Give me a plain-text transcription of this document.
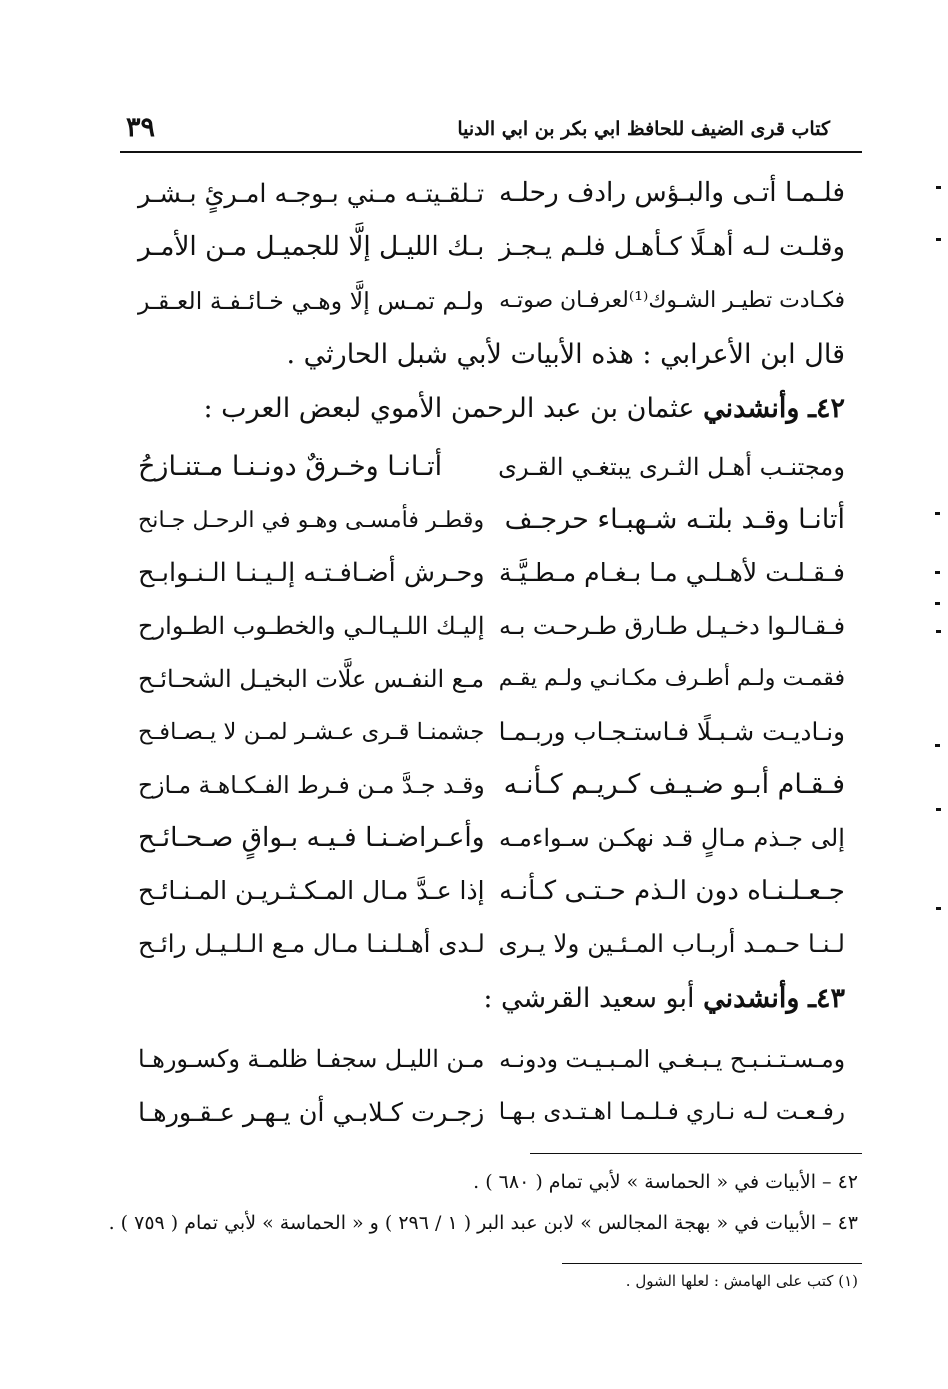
كتاب قرى الضيف للحافظ ابي بكر بن ابي الدنيا
٣٩
فلـمـا أتـى والبـؤس رادف رحلـه
تـلقـيتـه مـني بـوجـه امـرئٍ بـشـر
وقلـت لـه أهـلًا كـأهـل فلـم يـجـز
بـك الليـل إلَّا للجميـل مـن الأمـر
فكـادت تطيـر الشـوك⁽¹⁾لعرفـان صوتـه
ولـم تمـس إلَّا وهـي خـائـفـة العـقـر
قال ابن الأعرابي : هذه الأبيات لأبي شبل الحارثي .
٤٢ـ وأنشدني عثمان بن عبد الرحمن الأموي لبعض العرب :
ومجتنـب أهـل الثـرى يبتغـي القـرى
أتـانـا وخـرقٌ دونـنـا مـتنـازحُ
أتانـا وقـد بلتـه شـهبـاء حرجـف
وقطـر فأمسـى وهـو في الرحـل جـانح
فـقـلـت لأهـلـي مـا بـغـام مـطـيَّـة
وحـرش أضـافـتـه إلـيـنـا الـنـوابـح
فـقـالـوا دخـيـل طـارق طـرحـت بـه
إليـك اللـيـالـي والخطـوب الطـوارح
فقمـت ولـم أطـرف مكـانـي ولـم يقـم
مـع النفـس علَّات البخيـل الشحـائـح
ونـاديـت شـبـلًا فـاستـجـاب وربـمـا
جشمنـا قـرى عـشـر لمـن لا يـصـافـح
فـقـام أبـو ضـيـف كـريـم كـأنـه
وقـد جـدَّ مـن فـرط الفـكـاهـة مـازح
إلى جـذم مـالٍ قـد نهكـن سـواءمـه
وأعـراضـنـا فـيـه بـواقٍ صـحـائـح
جـعـلـنـاه دون الـذم حـتـى كـأنـه
إذا عـدَّ مـال المـكـثـريـن المـنـائـح
لـنـا حـمـد أربـاب المـئـين ولا يـرى
لـدى أهـلـنـا مـال مـع الـلـيـل رائـح
٤٣ـ وأنشدني أبو سعيد القرشي :
ومـسـتـنـبـح يـبـغـي المـبـيـت ودونـه
مـن الليـل سجفـا ظلمـة وكسـورهـا
رفـعـت لـه نـاري فـلـمـا اهـتـدى بـهـا
زجـرت كـلابـي أن يـهـر عـقـورهـا
٤٢ – الأبيات في « الحماسة » لأبي تمام ( ٦٨٠ ) .
٤٣ – الأبيات في « بهجة المجالس » لابن عبد البر ( ١ / ٢٩٦ ) و « الحماسة » لأبي تمام ( ٧٥٩ ) .
(١) كتب على الهامش : لعلها الشول .
